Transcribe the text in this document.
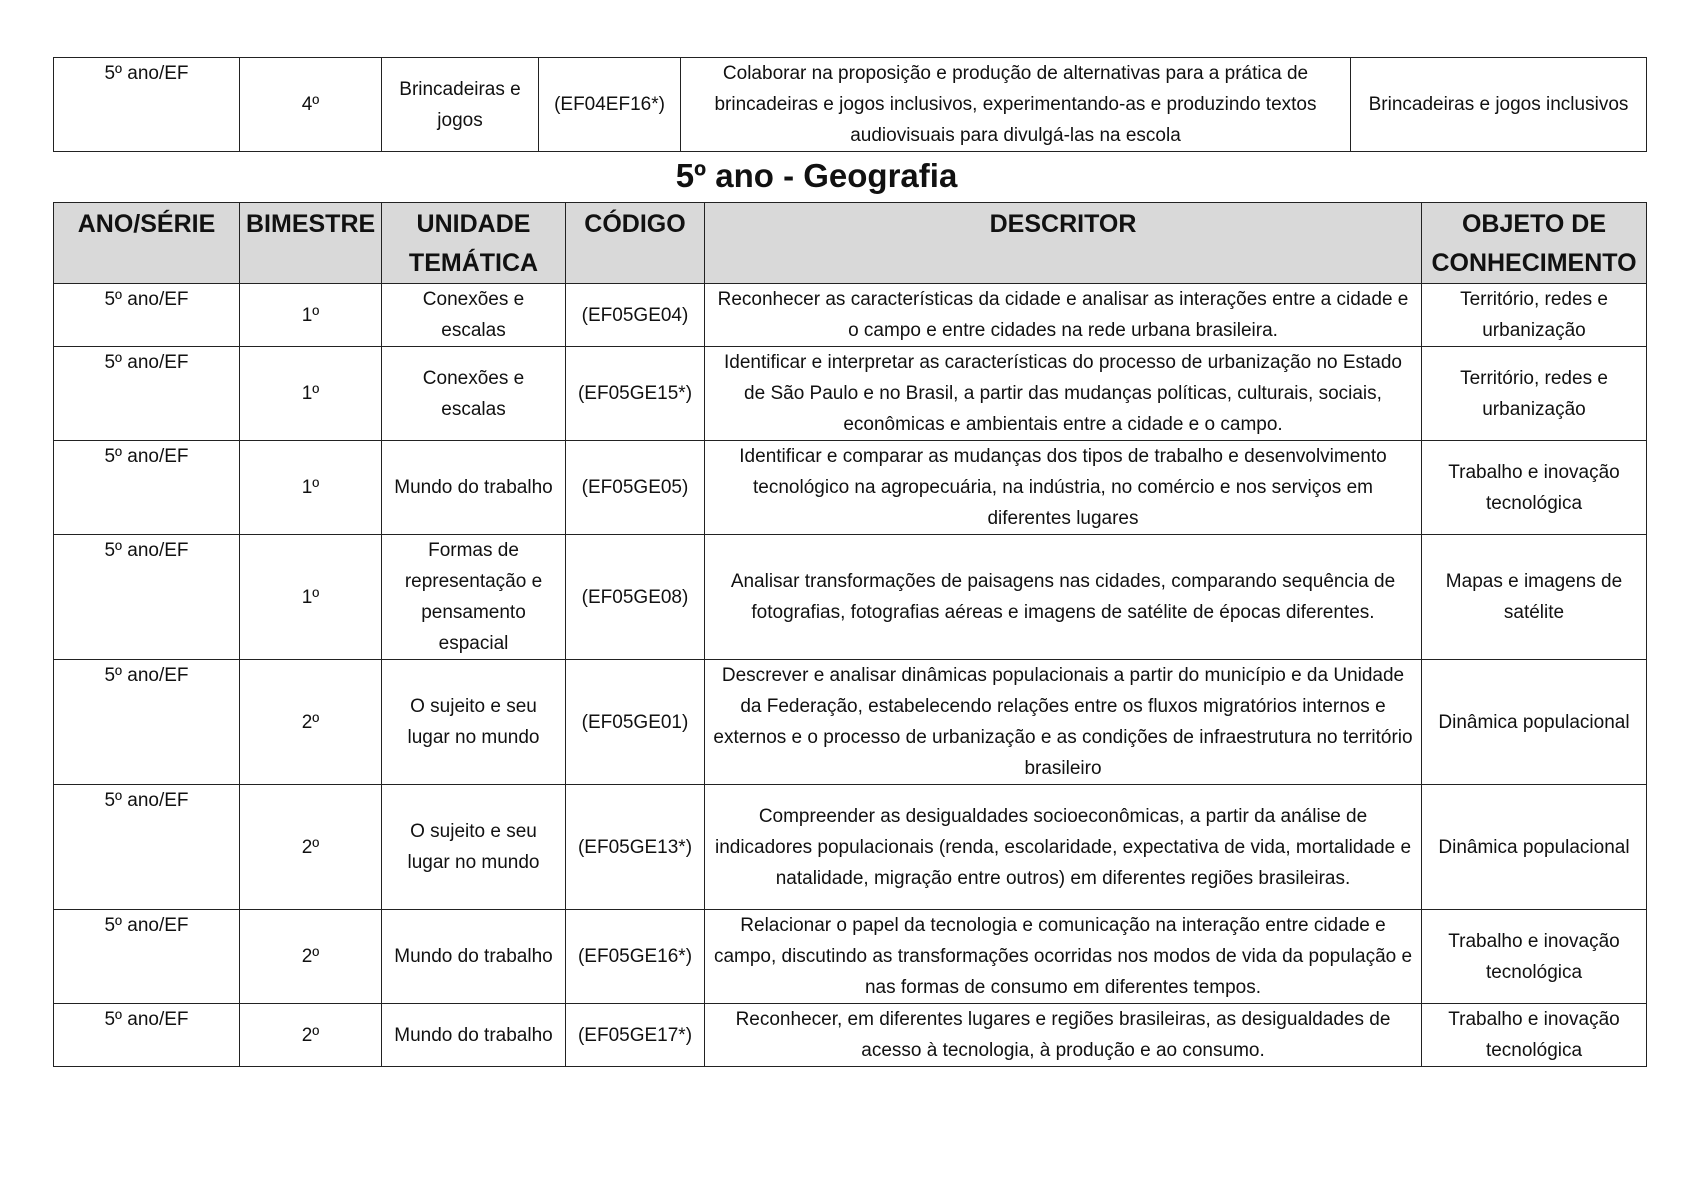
5º ano/EF	4º	Brincadeiras e jogos	(EF04EF16*)	Colaborar na proposição e produção de alternativas para a prática de brincadeiras e jogos inclusivos, experimentando-as e produzindo textos audiovisuais para divulgá-las na escola	Brincadeiras e jogos inclusivos
5º ano - Geografia
ANO/SÉRIE	BIMESTRE	UNIDADE TEMÁTICA	CÓDIGO	DESCRITOR	OBJETO DE CONHECIMENTO
5º ano/EF	1º	Conexões e escalas	(EF05GE04)	Reconhecer as características da cidade e analisar as interações entre a cidade e o campo e entre cidades na rede urbana brasileira.	Território, redes e urbanização
5º ano/EF	1º	Conexões e escalas	(EF05GE15*)	Identificar e interpretar as características do processo de urbanização no Estado de São Paulo e no Brasil, a partir das mudanças políticas, culturais, sociais, econômicas e ambientais entre a cidade e o campo.	Território, redes e urbanização
5º ano/EF	1º	Mundo do trabalho	(EF05GE05)	Identificar e comparar as mudanças dos tipos de trabalho e desenvolvimento tecnológico na agropecuária, na indústria, no comércio e nos serviços em diferentes lugares	Trabalho e inovação tecnológica
5º ano/EF	1º	Formas de representação e pensamento espacial	(EF05GE08)	Analisar transformações de paisagens nas cidades, comparando sequência de fotografias, fotografias aéreas e imagens de satélite de épocas diferentes.	Mapas e imagens de satélite
5º ano/EF	2º	O sujeito e seu lugar no mundo	(EF05GE01)	Descrever e analisar dinâmicas populacionais a partir do município e da Unidade da Federação, estabelecendo relações entre os fluxos migratórios internos e externos e o processo de urbanização e as condições de infraestrutura no território brasileiro	Dinâmica populacional
5º ano/EF	2º	O sujeito e seu lugar no mundo	(EF05GE13*)	Compreender as desigualdades socioeconômicas, a partir da análise de indicadores populacionais (renda, escolaridade, expectativa de vida, mortalidade e natalidade, migração entre outros) em diferentes regiões brasileiras.	Dinâmica populacional
5º ano/EF	2º	Mundo do trabalho	(EF05GE16*)	Relacionar o papel da tecnologia e comunicação na interação entre cidade e campo, discutindo as transformações ocorridas nos modos de vida da população e nas formas de consumo em diferentes tempos.	Trabalho e inovação tecnológica
5º ano/EF	2º	Mundo do trabalho	(EF05GE17*)	Reconhecer, em diferentes lugares e regiões brasileiras, as desigualdades de acesso à tecnologia, à produção e ao consumo.	Trabalho e inovação tecnológica
